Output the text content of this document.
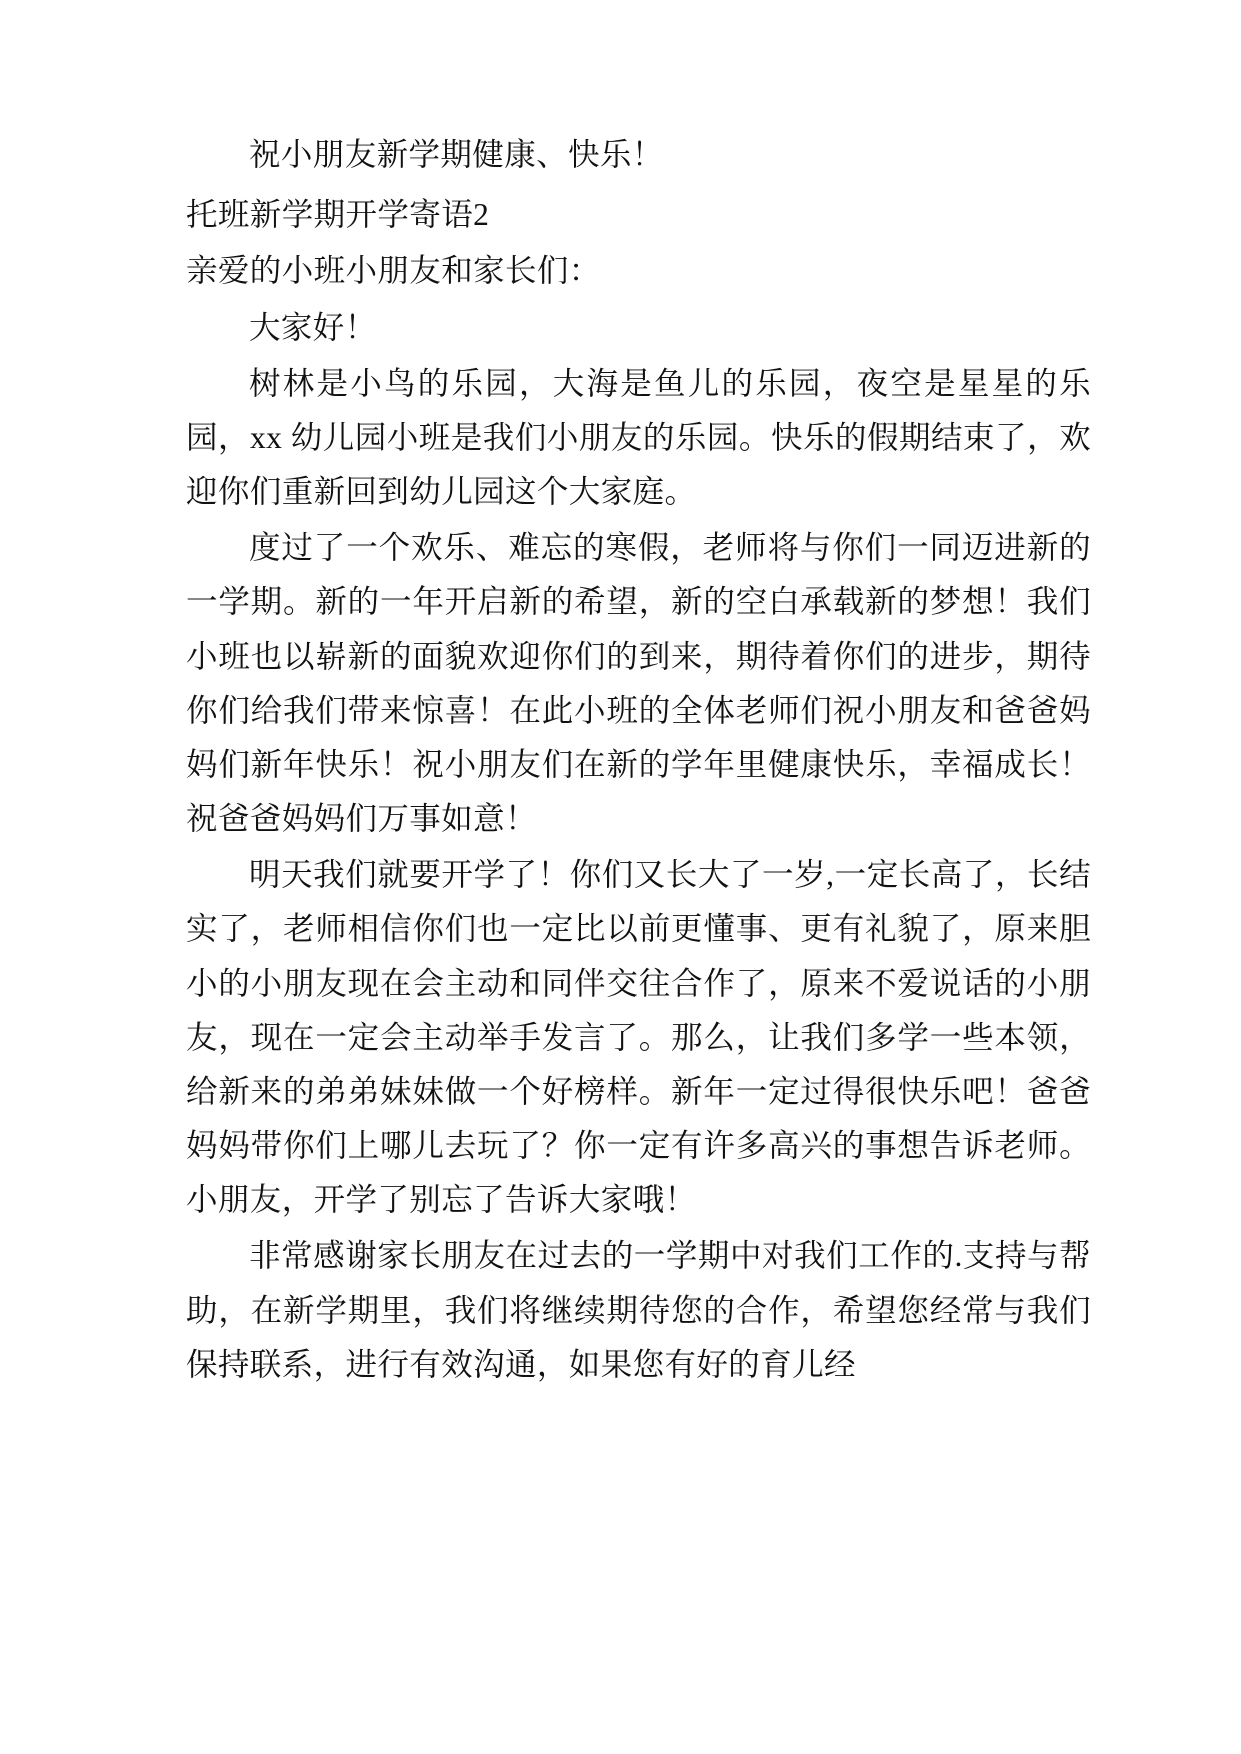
祝小朋友新学期健康、快乐！

托班新学期开学寄语2

亲爱的小班小朋友和家长们：

大家好！

树林是小鸟的乐园，大海是鱼儿的乐园，夜空是星星的乐园，xx 幼儿园小班是我们小朋友的乐园。快乐的假期结束了，欢迎你们重新回到幼儿园这个大家庭。

度过了一个欢乐、难忘的寒假，老师将与你们一同迈进新的一学期。新的一年开启新的希望，新的空白承载新的梦想！我们小班也以崭新的面貌欢迎你们的到来，期待着你们的进步，期待你们给我们带来惊喜！在此小班的全体老师们祝小朋友和爸爸妈妈们新年快乐！祝小朋友们在新的学年里健康快乐，幸福成长！祝爸爸妈妈们万事如意！

明天我们就要开学了！你们又长大了一岁,一定长高了，长结实了，老师相信你们也一定比以前更懂事、更有礼貌了，原来胆小的小朋友现在会主动和同伴交往合作了，原来不爱说话的小朋友，现在一定会主动举手发言了。那么，让我们多学一些本领，给新来的弟弟妹妹做一个好榜样。新年一定过得很快乐吧！爸爸妈妈带你们上哪儿去玩了？你一定有许多高兴的事想告诉老师。小朋友，开学了别忘了告诉大家哦！

非常感谢家长朋友在过去的一学期中对我们工作的.支持与帮助，在新学期里，我们将继续期待您的合作，希望您经常与我们保持联系，进行有效沟通，如果您有好的育儿经
